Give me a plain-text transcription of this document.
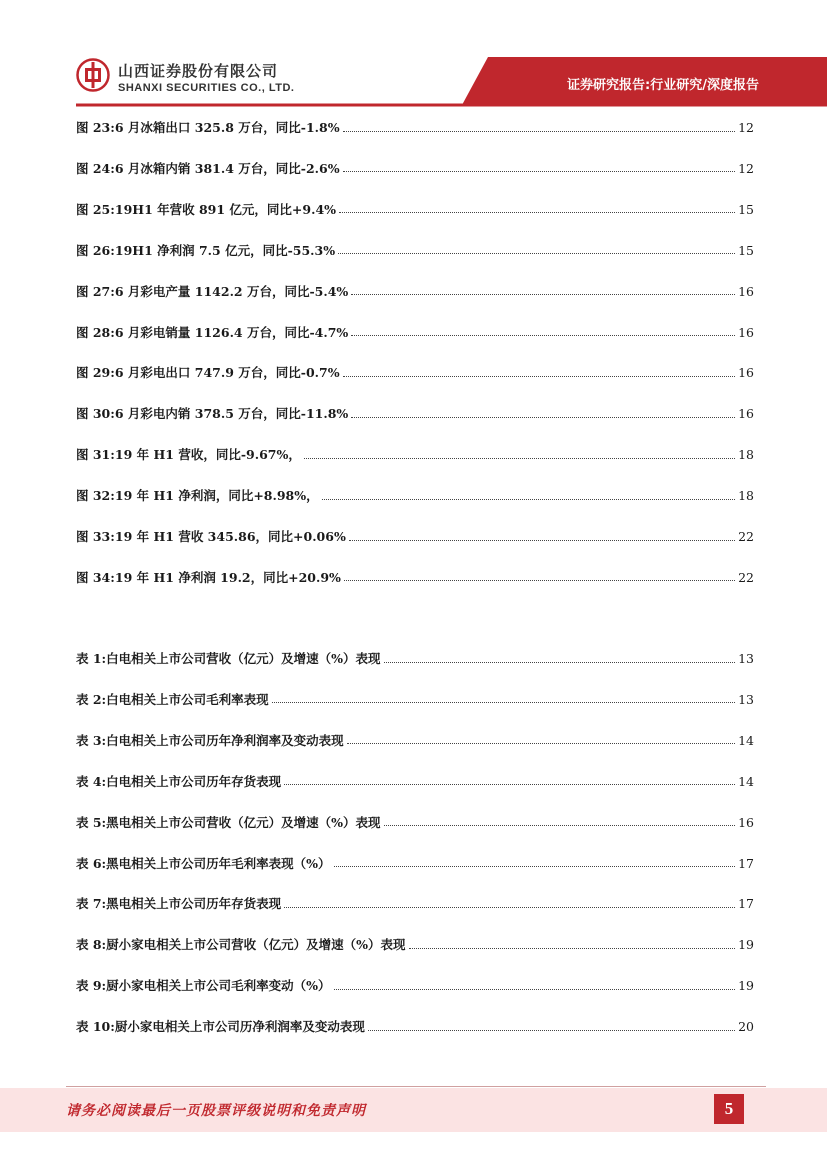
山西证券股份有限公司
SHANXI SECURITIES CO., LTD.	证券研究报告:行业研究/深度报告
图 23: 6 月冰箱出口 325.8 万台，同比-1.8%	12
图 24: 6 月冰箱内销 381.4 万台，同比-2.6%	12
图 25: 19H1 年营收 891 亿元，同比+9.4%	15
图 26: 19H1 净利润 7.5 亿元，同比-55.3%	15
图 27: 6 月彩电产量 1142.2 万台，同比-5.4%	16
图 28: 6 月彩电销量 1126.4 万台，同比-4.7%	16
图 29: 6 月彩电出口 747.9 万台，同比-0.7%	16
图 30: 6 月彩电内销 378.5 万台，同比-11.8%	16
图 31: 19 年 H1 营收，同比-9.67%，	18
图 32: 19 年 H1 净利润，同比+8.98%，	18
图 33: 19 年 H1 营收 345.86，同比+0.06%	22
图 34: 19 年 H1 净利润 19.2，同比+20.9%	22
表 1: 白电相关上市公司营收（亿元）及增速（%）表现	13
表 2: 白电相关上市公司毛利率表现	13
表 3: 白电相关上市公司历年净利润率及变动表现	14
表 4: 白电相关上市公司历年存货表现	14
表 5: 黑电相关上市公司营收（亿元）及增速（%）表现	16
表 6: 黑电相关上市公司历年毛利率表现（%）	17
表 7: 黑电相关上市公司历年存货表现	17
表 8: 厨小家电相关上市公司营收（亿元）及增速（%）表现	19
表 9: 厨小家电相关上市公司毛利率变动（%）	19
表 10: 厨小家电相关上市公司历净利润率及变动表现	20
请务必阅读最后一页股票评级说明和免责声明	5
